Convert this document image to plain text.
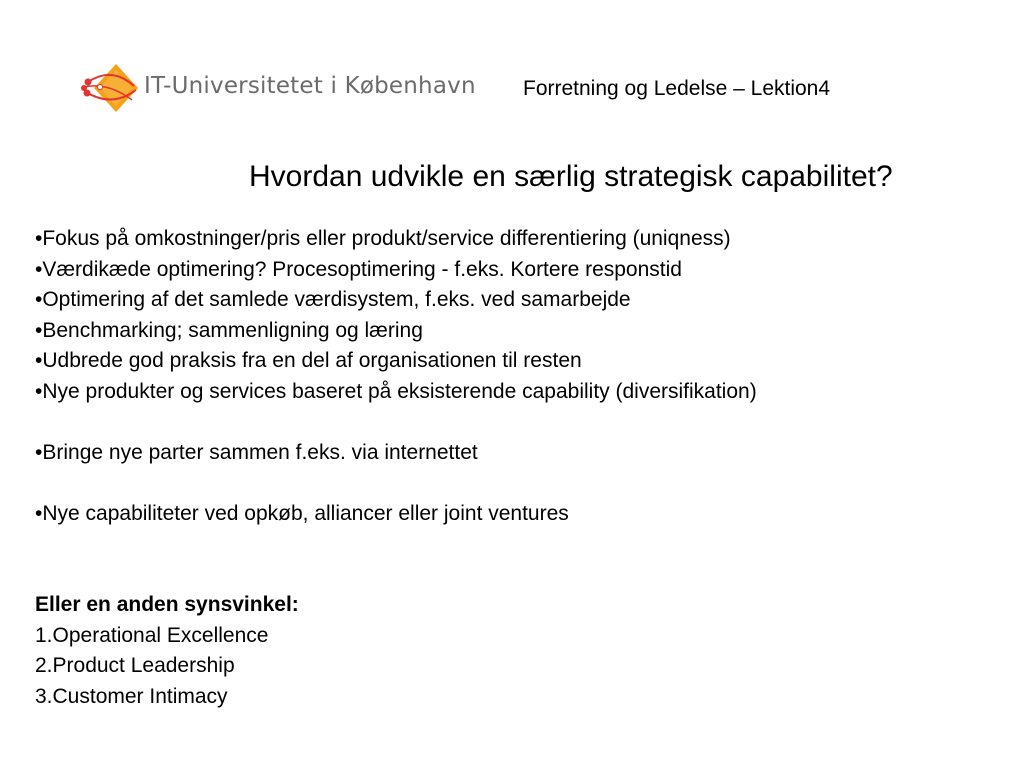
IT-Universitetet i København Forretning og Ledelse – Lektion4
Hvordan udvikle en særlig strategisk capabilitet?
•Fokus på omkostninger/pris eller produkt/service differentiering (uniqness)
•Værdikæde optimering? Procesoptimering - f.eks. Kortere responstid
•Optimering af det samlede værdisystem, f.eks. ved samarbejde
•Benchmarking; sammenligning og læring
•Udbrede god praksis fra en del af organisationen til resten
•Nye produkter og services baseret på eksisterende capability (diversifikation)
•Bringe nye parter sammen f.eks. via internettet
•Nye capabiliteter ved opkøb, alliancer eller joint ventures
Eller en anden synsvinkel:
1.Operational Excellence
2.Product Leadership
3.Customer Intimacy
